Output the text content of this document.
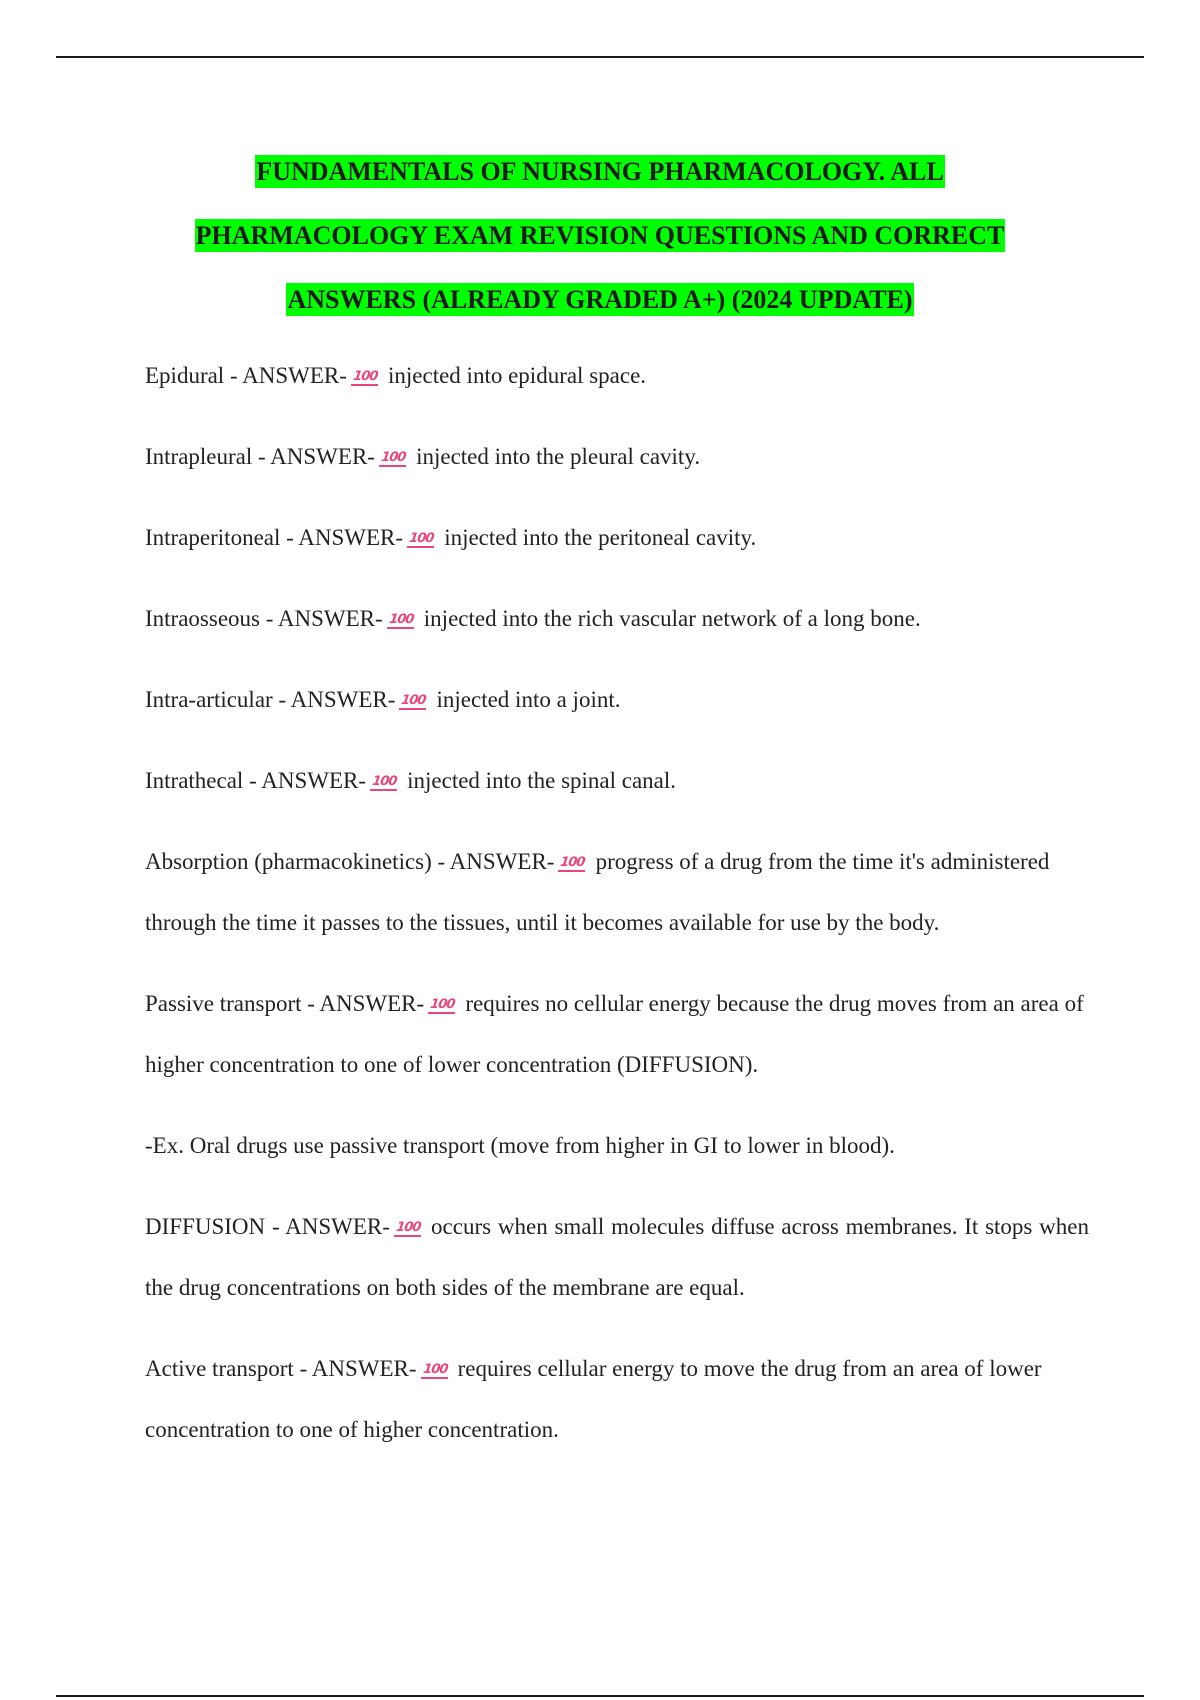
FUNDAMENTALS OF NURSING PHARMACOLOGY. ALL
PHARMACOLOGY EXAM REVISION QUESTIONS AND CORRECT
ANSWERS (ALREADY GRADED A+) (2024 UPDATE)

Epidural - ANSWER- 100 injected into epidural space.

Intrapleural - ANSWER- 100 injected into the pleural cavity.

Intraperitoneal - ANSWER- 100 injected into the peritoneal cavity.

Intraosseous - ANSWER- 100 injected into the rich vascular network of a long bone.

Intra-articular - ANSWER- 100 injected into a joint.

Intrathecal - ANSWER- 100 injected into the spinal canal.

Absorption (pharmacokinetics) - ANSWER- 100 progress of a drug from the time it's administered through the time it passes to the tissues, until it becomes available for use by the body.

Passive transport - ANSWER- 100 requires no cellular energy because the drug moves from an area of higher concentration to one of lower concentration (DIFFUSION).

-Ex. Oral drugs use passive transport (move from higher in GI to lower in blood).

DIFFUSION - ANSWER- 100 occurs when small molecules diffuse across membranes. It stops when the drug concentrations on both sides of the membrane are equal.

Active transport - ANSWER- 100 requires cellular energy to move the drug from an area of lower concentration to one of higher concentration.
